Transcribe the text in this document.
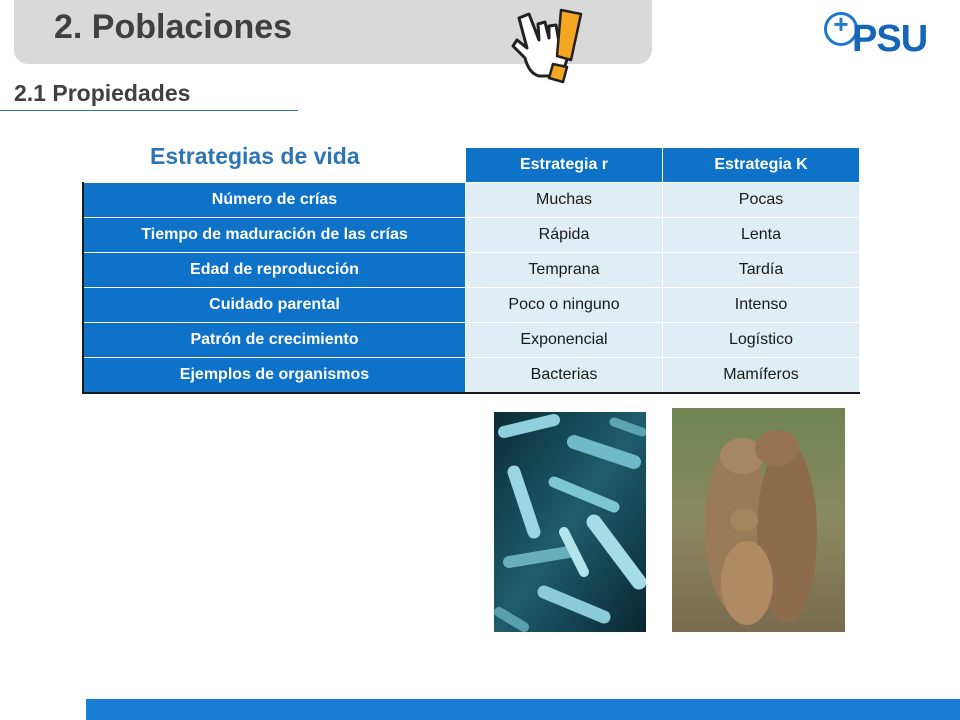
2. Poblaciones	+ PSU
2.1 Propiedades
Estrategias de vida
		Estrategia r	Estrategia K
Número de crías	Muchas	Pocas
Tiempo de maduración de las crías	Rápida	Lenta
Edad de reproducción	Temprana	Tardía
Cuidado parental	Poco o ninguno	Intenso
Patrón de crecimiento	Exponencial	Logístico
Ejemplos de organismos	Bacterias	Mamíferos
